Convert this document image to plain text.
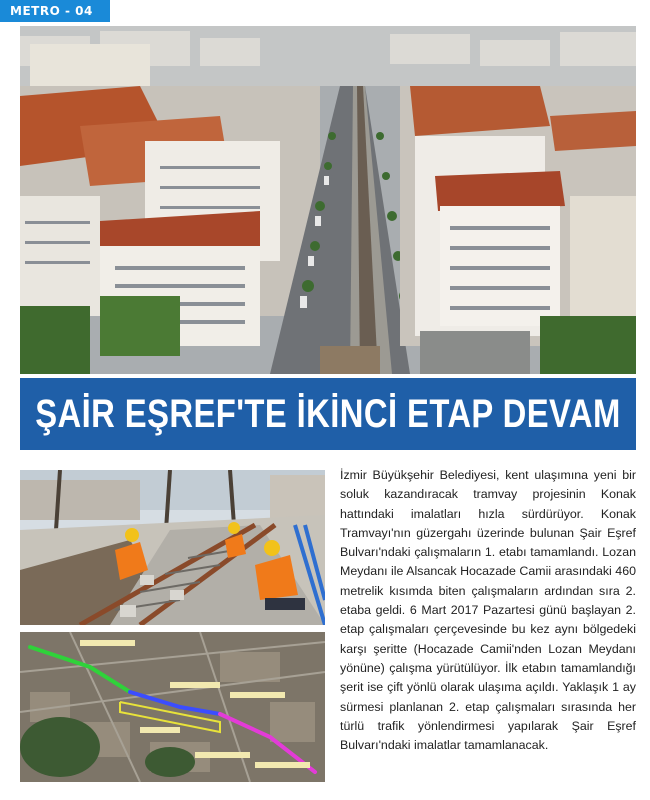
METRO - 04
ŞAİR EŞREF'TE İKİNCİ ETAP DEVAM

İzmir Büyükşehir Belediyesi, kent ulaşımına yeni bir soluk kazandıracak tramvay projesinin Konak hattındaki imalatları hızla sürdürüyor. Konak Tramvayı'nın güzergahı üzerinde bulunan Şair Eşref Bulvarı'ndaki çalışmaların 1. etabı tamamlandı. Lozan Meydanı ile Alsancak Hocazade Camii arasındaki 460 metrelik kısımda biten çalışmaların ardından sıra 2. etaba geldi. 6 Mart 2017 Pazartesi günü başlayan 2. etap çalışmaları çerçevesinde bu kez aynı bölgedeki karşı şeritte (Hocazade Camii'nden Lozan Meydanı yönüne) çalışma yürütülüyor. İlk etabın tamamlandığı şerit ise çift yönlü olarak ulaşıma açıldı. Yaklaşık 1 ay sürmesi planlanan 2. etap çalışmaları sırasında her türlü trafik yönlendirmesi yapılarak Şair Eşref Bulvarı'ndaki imalatlar tamamlanacak.
